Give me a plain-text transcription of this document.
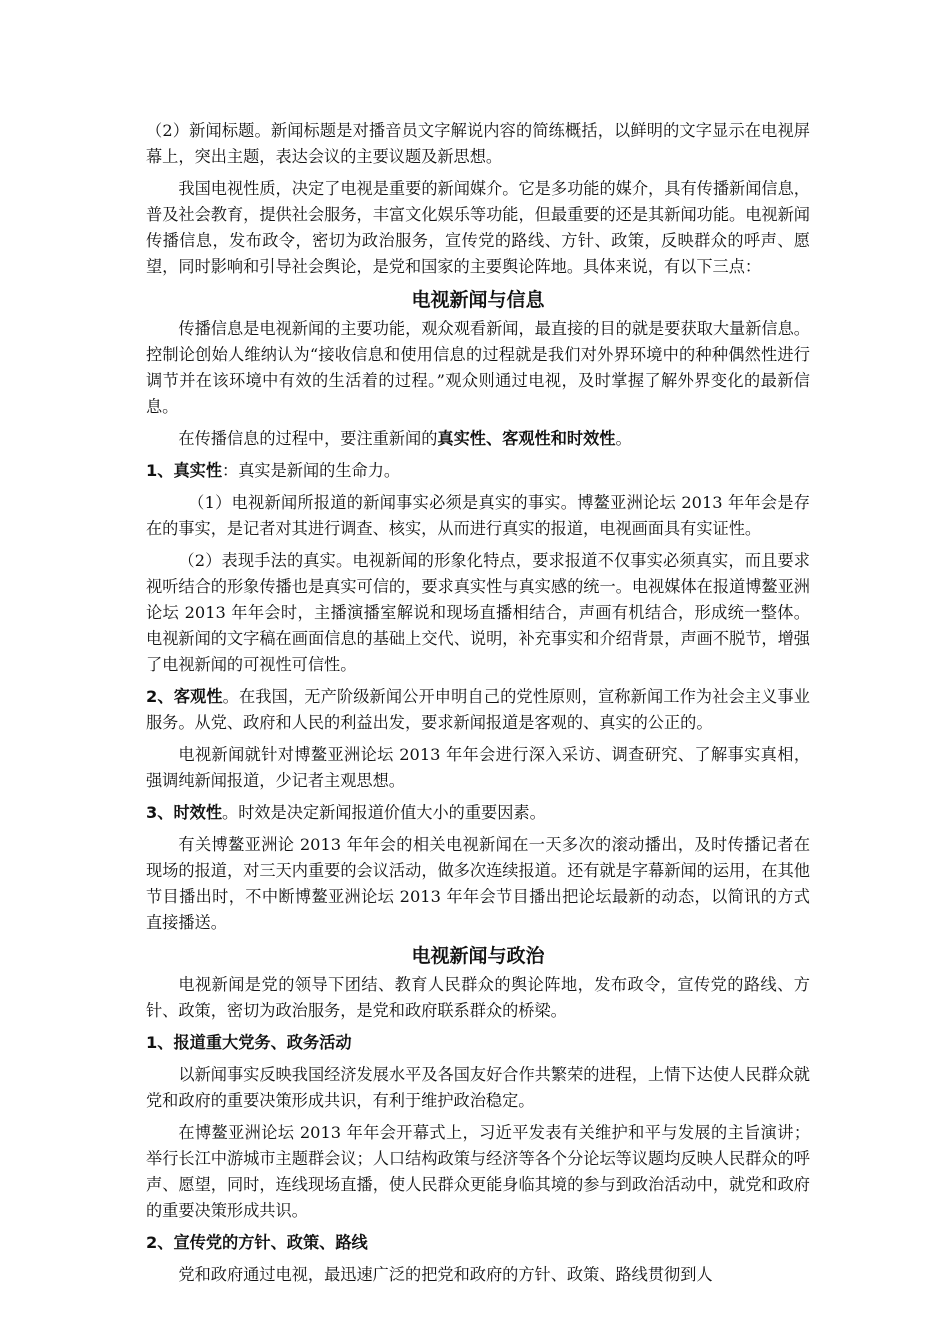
（2）新闻标题。新闻标题是对播音员文字解说内容的简练概括，以鲜明的文字显示在电视屏幕上，突出主题，表达会议的主要议题及新思想。

我国电视性质，决定了电视是重要的新闻媒介。它是多功能的媒介，具有传播新闻信息，普及社会教育，提供社会服务，丰富文化娱乐等功能，但最重要的还是其新闻功能。电视新闻传播信息，发布政令，密切为政治服务，宣传党的路线、方针、政策，反映群众的呼声、愿望，同时影响和引导社会舆论，是党和国家的主要舆论阵地。具体来说，有以下三点：

电视新闻与信息

传播信息是电视新闻的主要功能，观众观看新闻，最直接的目的就是要获取大量新信息。控制论创始人维纳认为“接收信息和使用信息的过程就是我们对外界环境中的种种偶然性进行调节并在该环境中有效的生活着的过程。”观众则通过电视，及时掌握了解外界变化的最新信息。

在传播信息的过程中，要注重新闻的真实性、客观性和时效性。

1、真实性：真实是新闻的生命力。

（1）电视新闻所报道的新闻事实必须是真实的事实。博鳌亚洲论坛 2013 年年会是存在的事实，是记者对其进行调查、核实，从而进行真实的报道，电视画面具有实证性。

（2）表现手法的真实。电视新闻的形象化特点，要求报道不仅事实必须真实，而且要求视听结合的形象传播也是真实可信的，要求真实性与真实感的统一。电视媒体在报道博鳌亚洲论坛 2013 年年会时，主播演播室解说和现场直播相结合，声画有机结合，形成统一整体。电视新闻的文字稿在画面信息的基础上交代、说明，补充事实和介绍背景，声画不脱节，增强了电视新闻的可视性可信性。

2、客观性。在我国，无产阶级新闻公开申明自己的党性原则，宣称新闻工作为社会主义事业服务。从党、政府和人民的利益出发，要求新闻报道是客观的、真实的公正的。

电视新闻就针对博鳌亚洲论坛 2013 年年会进行深入采访、调查研究、了解事实真相，强调纯新闻报道，少记者主观思想。

3、时效性。时效是决定新闻报道价值大小的重要因素。

有关博鳌亚洲论 2013 年年会的相关电视新闻在一天多次的滚动播出，及时传播记者在现场的报道，对三天内重要的会议活动，做多次连续报道。还有就是字幕新闻的运用，在其他节目播出时，不中断博鳌亚洲论坛 2013 年年会节目播出把论坛最新的动态，以简讯的方式直接播送。

电视新闻与政治

电视新闻是党的领导下团结、教育人民群众的舆论阵地，发布政令，宣传党的路线、方针、政策，密切为政治服务，是党和政府联系群众的桥梁。

1、报道重大党务、政务活动

以新闻事实反映我国经济发展水平及各国友好合作共繁荣的进程，上情下达使人民群众就党和政府的重要决策形成共识，有利于维护政治稳定。

在博鳌亚洲论坛 2013 年年会开幕式上，习近平发表有关维护和平与发展的主旨演讲；举行长江中游城市主题群会议；人口结构政策与经济等各个分论坛等议题均反映人民群众的呼声、愿望，同时，连线现场直播，使人民群众更能身临其境的参与到政治活动中，就党和政府的重要决策形成共识。

2、宣传党的方针、政策、路线

党和政府通过电视，最迅速广泛的把党和政府的方针、政策、路线贯彻到人
